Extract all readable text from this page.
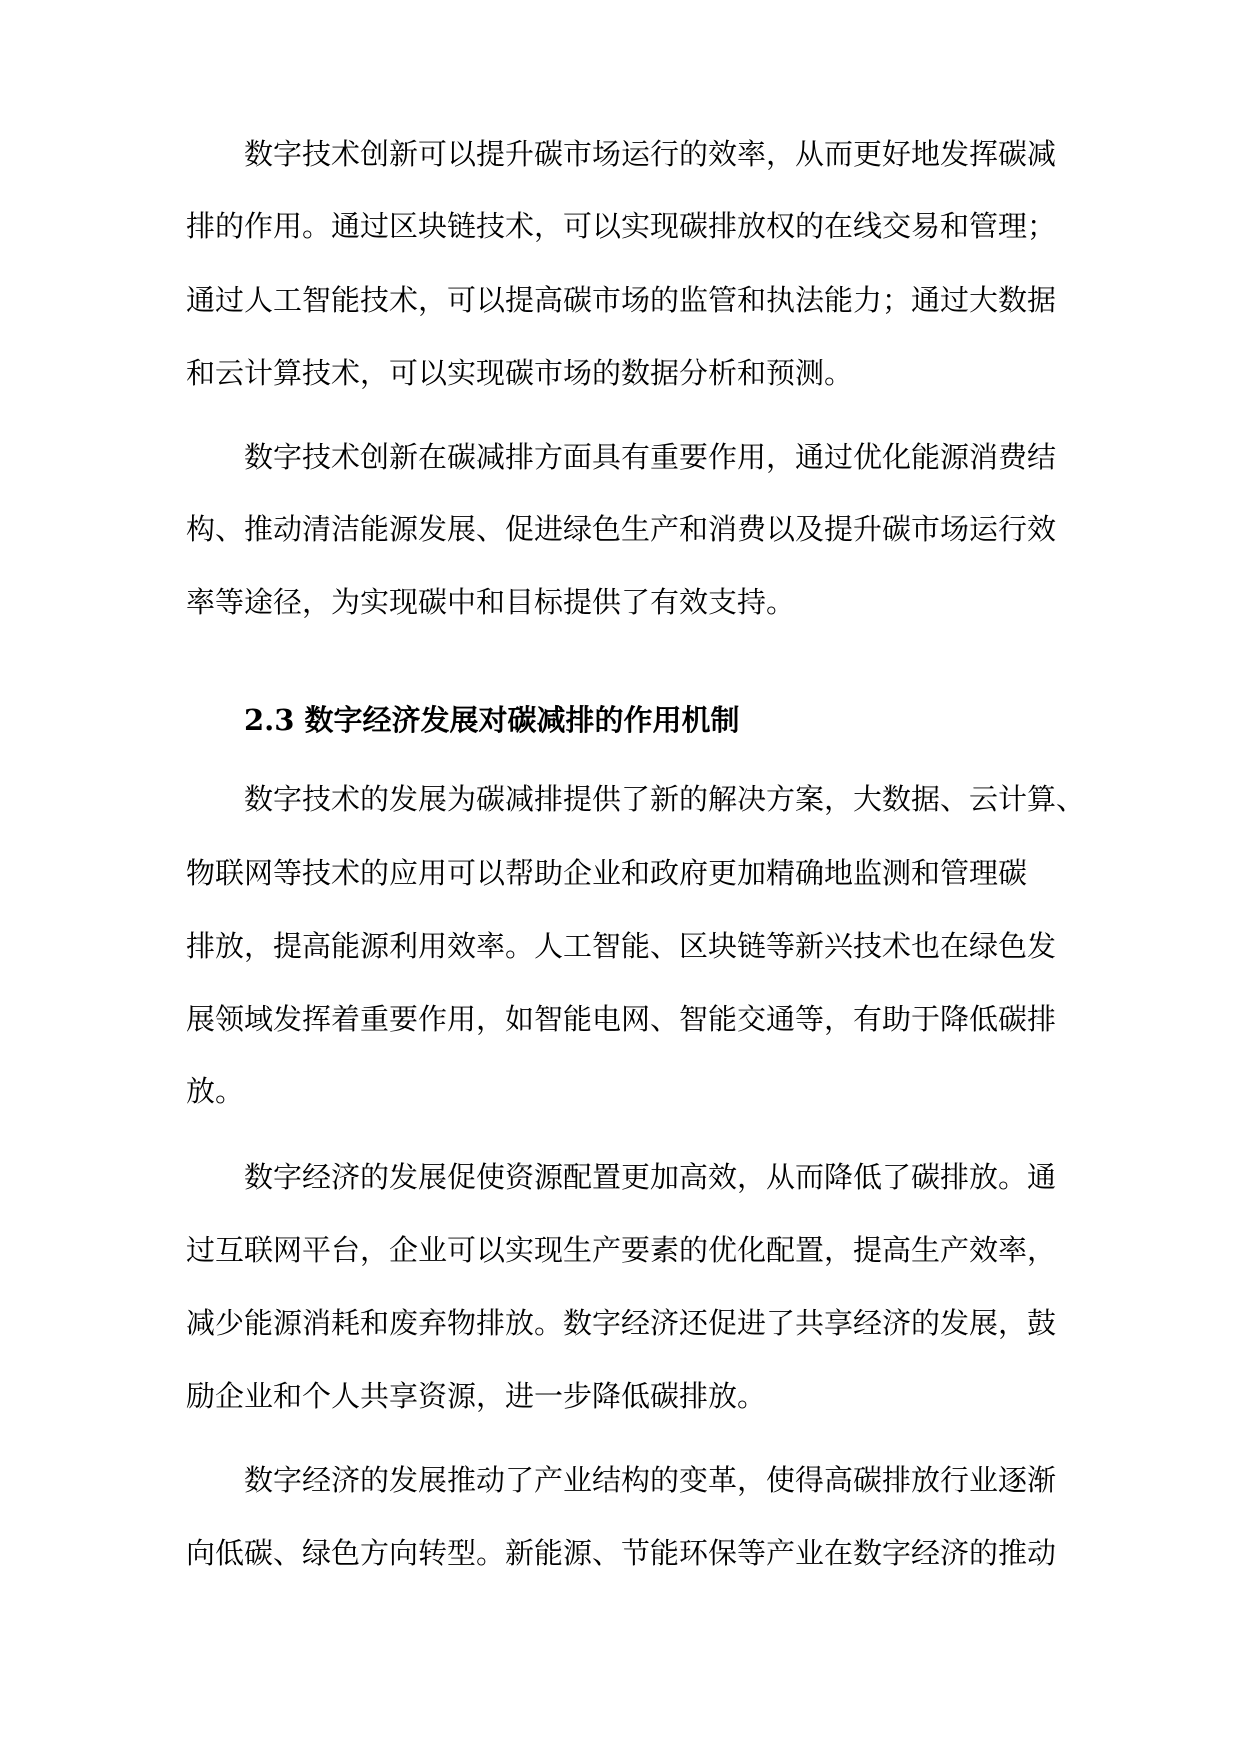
数字技术创新可以提升碳市场运行的效率，从而更好地发挥碳减

排的作用。通过区块链技术，可以实现碳排放权的在线交易和管理；

通过人工智能技术，可以提高碳市场的监管和执法能力；通过大数据

和云计算技术，可以实现碳市场的数据分析和预测。

数字技术创新在碳减排方面具有重要作用，通过优化能源消费结

构、推动清洁能源发展、促进绿色生产和消费以及提升碳市场运行效

率等途径，为实现碳中和目标提供了有效支持。

2.3 数字经济发展对碳减排的作用机制

数字技术的发展为碳减排提供了新的解决方案，大数据、云计算、

物联网等技术的应用可以帮助企业和政府更加精确地监测和管理碳

排放，提高能源利用效率。人工智能、区块链等新兴技术也在绿色发

展领域发挥着重要作用，如智能电网、智能交通等，有助于降低碳排

放。

数字经济的发展促使资源配置更加高效，从而降低了碳排放。通

过互联网平台，企业可以实现生产要素的优化配置，提高生产效率，

减少能源消耗和废弃物排放。数字经济还促进了共享经济的发展，鼓

励企业和个人共享资源，进一步降低碳排放。

数字经济的发展推动了产业结构的变革，使得高碳排放行业逐渐

向低碳、绿色方向转型。新能源、节能环保等产业在数字经济的推动
